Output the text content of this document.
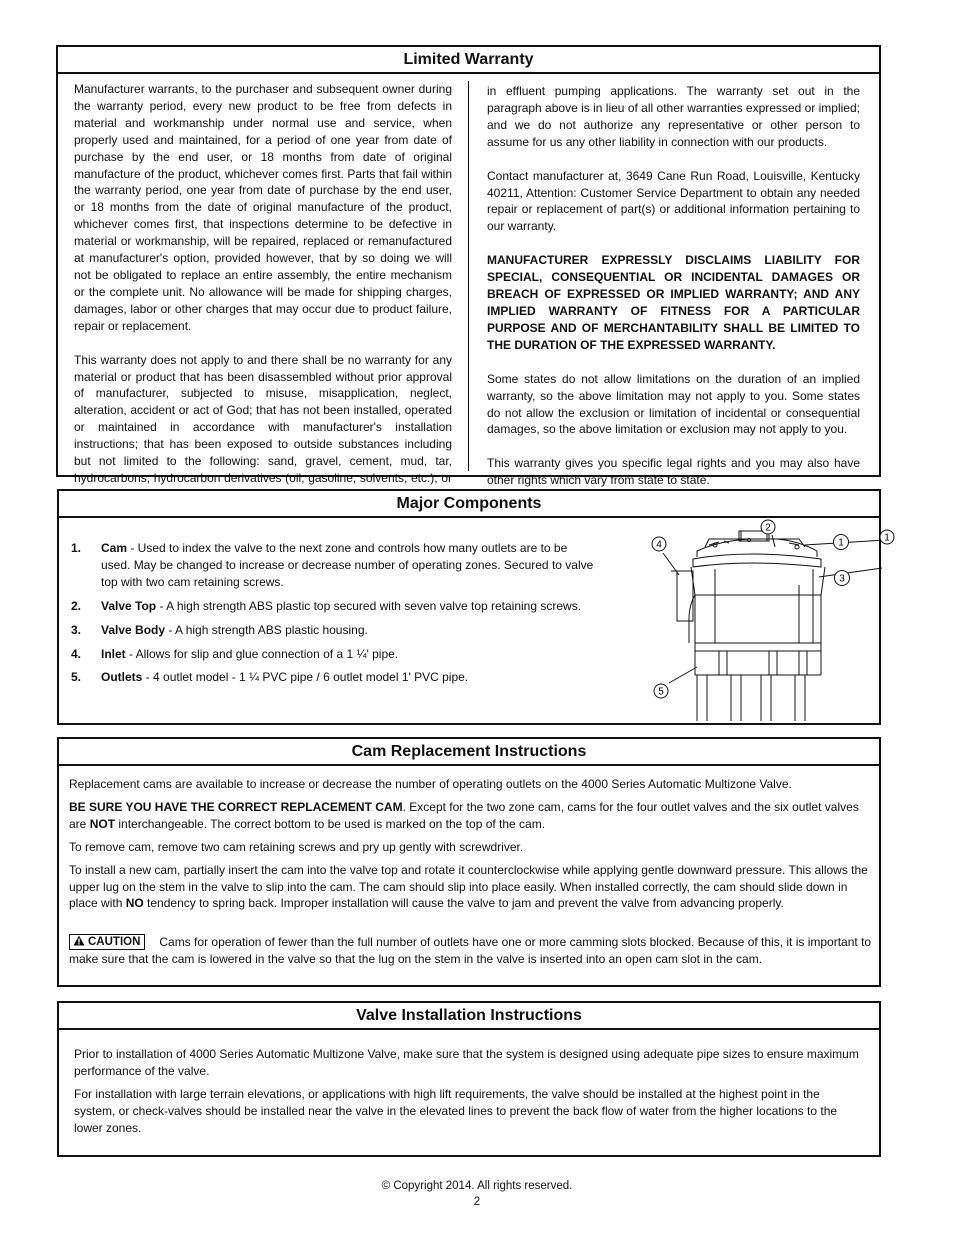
Limited Warranty

Manufacturer warrants, to the purchaser and subsequent owner during the warranty period, every new product to be free from defects in material and workmanship under normal use and service, when properly used and maintained, for a period of one year from date of purchase by the end user, or 18 months from date of original manufacture of the product, whichever comes first. Parts that fail within the warranty period, one year from date of purchase by the end user, or 18 months from the date of original manufacture of the product, whichever comes first, that inspections determine to be defective in material or workmanship, will be repaired, replaced or remanufactured at manufacturer's option, provided however, that by so doing we will not be obligated to replace an entire assembly, the entire mechanism or the complete unit. No allowance will be made for shipping charges, damages, labor or other charges that may occur due to product failure, repair or replacement.

This warranty does not apply to and there shall be no warranty for any material or product that has been disassembled without prior approval of manufacturer, subjected to misuse, misapplication, neglect, alteration, accident or act of God; that has not been installed, operated or maintained in accordance with manufacturer's installation instructions; that has been exposed to outside substances including but not limited to the following: sand, gravel, cement, mud, tar, hydrocarbons, hydrocarbon derivatives (oil, gasoline, solvents, etc.), or

in effluent pumping applications. The warranty set out in the paragraph above is in lieu of all other warranties expressed or implied; and we do not authorize any representative or other person to assume for us any other liability in connection with our products.

Contact manufacturer at, 3649 Cane Run Road, Louisville, Kentucky 40211, Attention: Customer Service Department to obtain any needed repair or replacement of part(s) or additional information pertaining to our warranty.

MANUFACTURER EXPRESSLY DISCLAIMS LIABILITY FOR SPECIAL, CONSEQUENTIAL OR INCIDENTAL DAMAGES OR BREACH OF EXPRESSED OR IMPLIED WARRANTY; AND ANY IMPLIED WARRANTY OF FITNESS FOR A PARTICULAR PURPOSE AND OF MERCHANTABILITY SHALL BE LIMITED TO THE DURATION OF THE EXPRESSED WARRANTY.

Some states do not allow limitations on the duration of an implied warranty, so the above limitation may not apply to you. Some states do not allow the exclusion or limitation of incidental or consequential damages, so the above limitation or exclusion may not apply to you.

This warranty gives you specific legal rights and you may also have other rights which vary from state to state.

Major Components
1.	Cam - Used to index the valve to the next zone and controls how many outlets are to be used. May be changed to increase or decrease number of operating zones. Secured to valve top with two cam retaining screws.
2.	Valve Top - A high strength ABS plastic top secured with seven valve top retaining screws.
3.	Valve Body - A high strength ABS plastic housing.
4.	Inlet - Allows for slip and glue connection of a 1 ¼' pipe.
5.	Outlets - 4 outlet model - 1 ¼ PVC pipe / 6 outlet model 1' PVC pipe.
2
1
4
5
1
3
Cam Replacement Instructions

Replacement cams are available to increase or decrease the number of operating outlets on the 4000 Series Automatic Multizone Valve.

BE SURE YOU HAVE THE CORRECT REPLACEMENT CAM. Except for the two zone cam, cams for the four outlet valves and the six outlet valves are NOT interchangeable. The correct bottom to be used is marked on the top of the cam.

To remove cam, remove two cam retaining screws and pry up gently with screwdriver.

To install a new cam, partially insert the cam into the valve top and rotate it counterclockwise while applying gentle downward pressure. This allows the upper lug on the stem in the valve to slip into the cam. The cam should slip into place easily. When installed correctly, the cam should slide down in place with NO tendency to spring back. Improper installation will cause the valve to jam and prevent the valve from advancing properly.

CAUTION Cams for operation of fewer than the full number of outlets have one or more camming slots blocked. Because of this, it is important to make sure that the cam is lowered in the valve so that the lug on the stem in the valve is inserted into an open cam slot in the cam.

Valve Installation Instructions

Prior to installation of 4000 Series Automatic Multizone Valve, make sure that the system is designed using adequate pipe sizes to ensure maximum performance of the valve.

For installation with large terrain elevations, or applications with high lift requirements, the valve should be installed at the highest point in the system, or check-valves should be installed near the valve in the elevated lines to prevent the back flow of water from the higher locations to the lower zones.

© Copyright 2014. All rights reserved.
2
